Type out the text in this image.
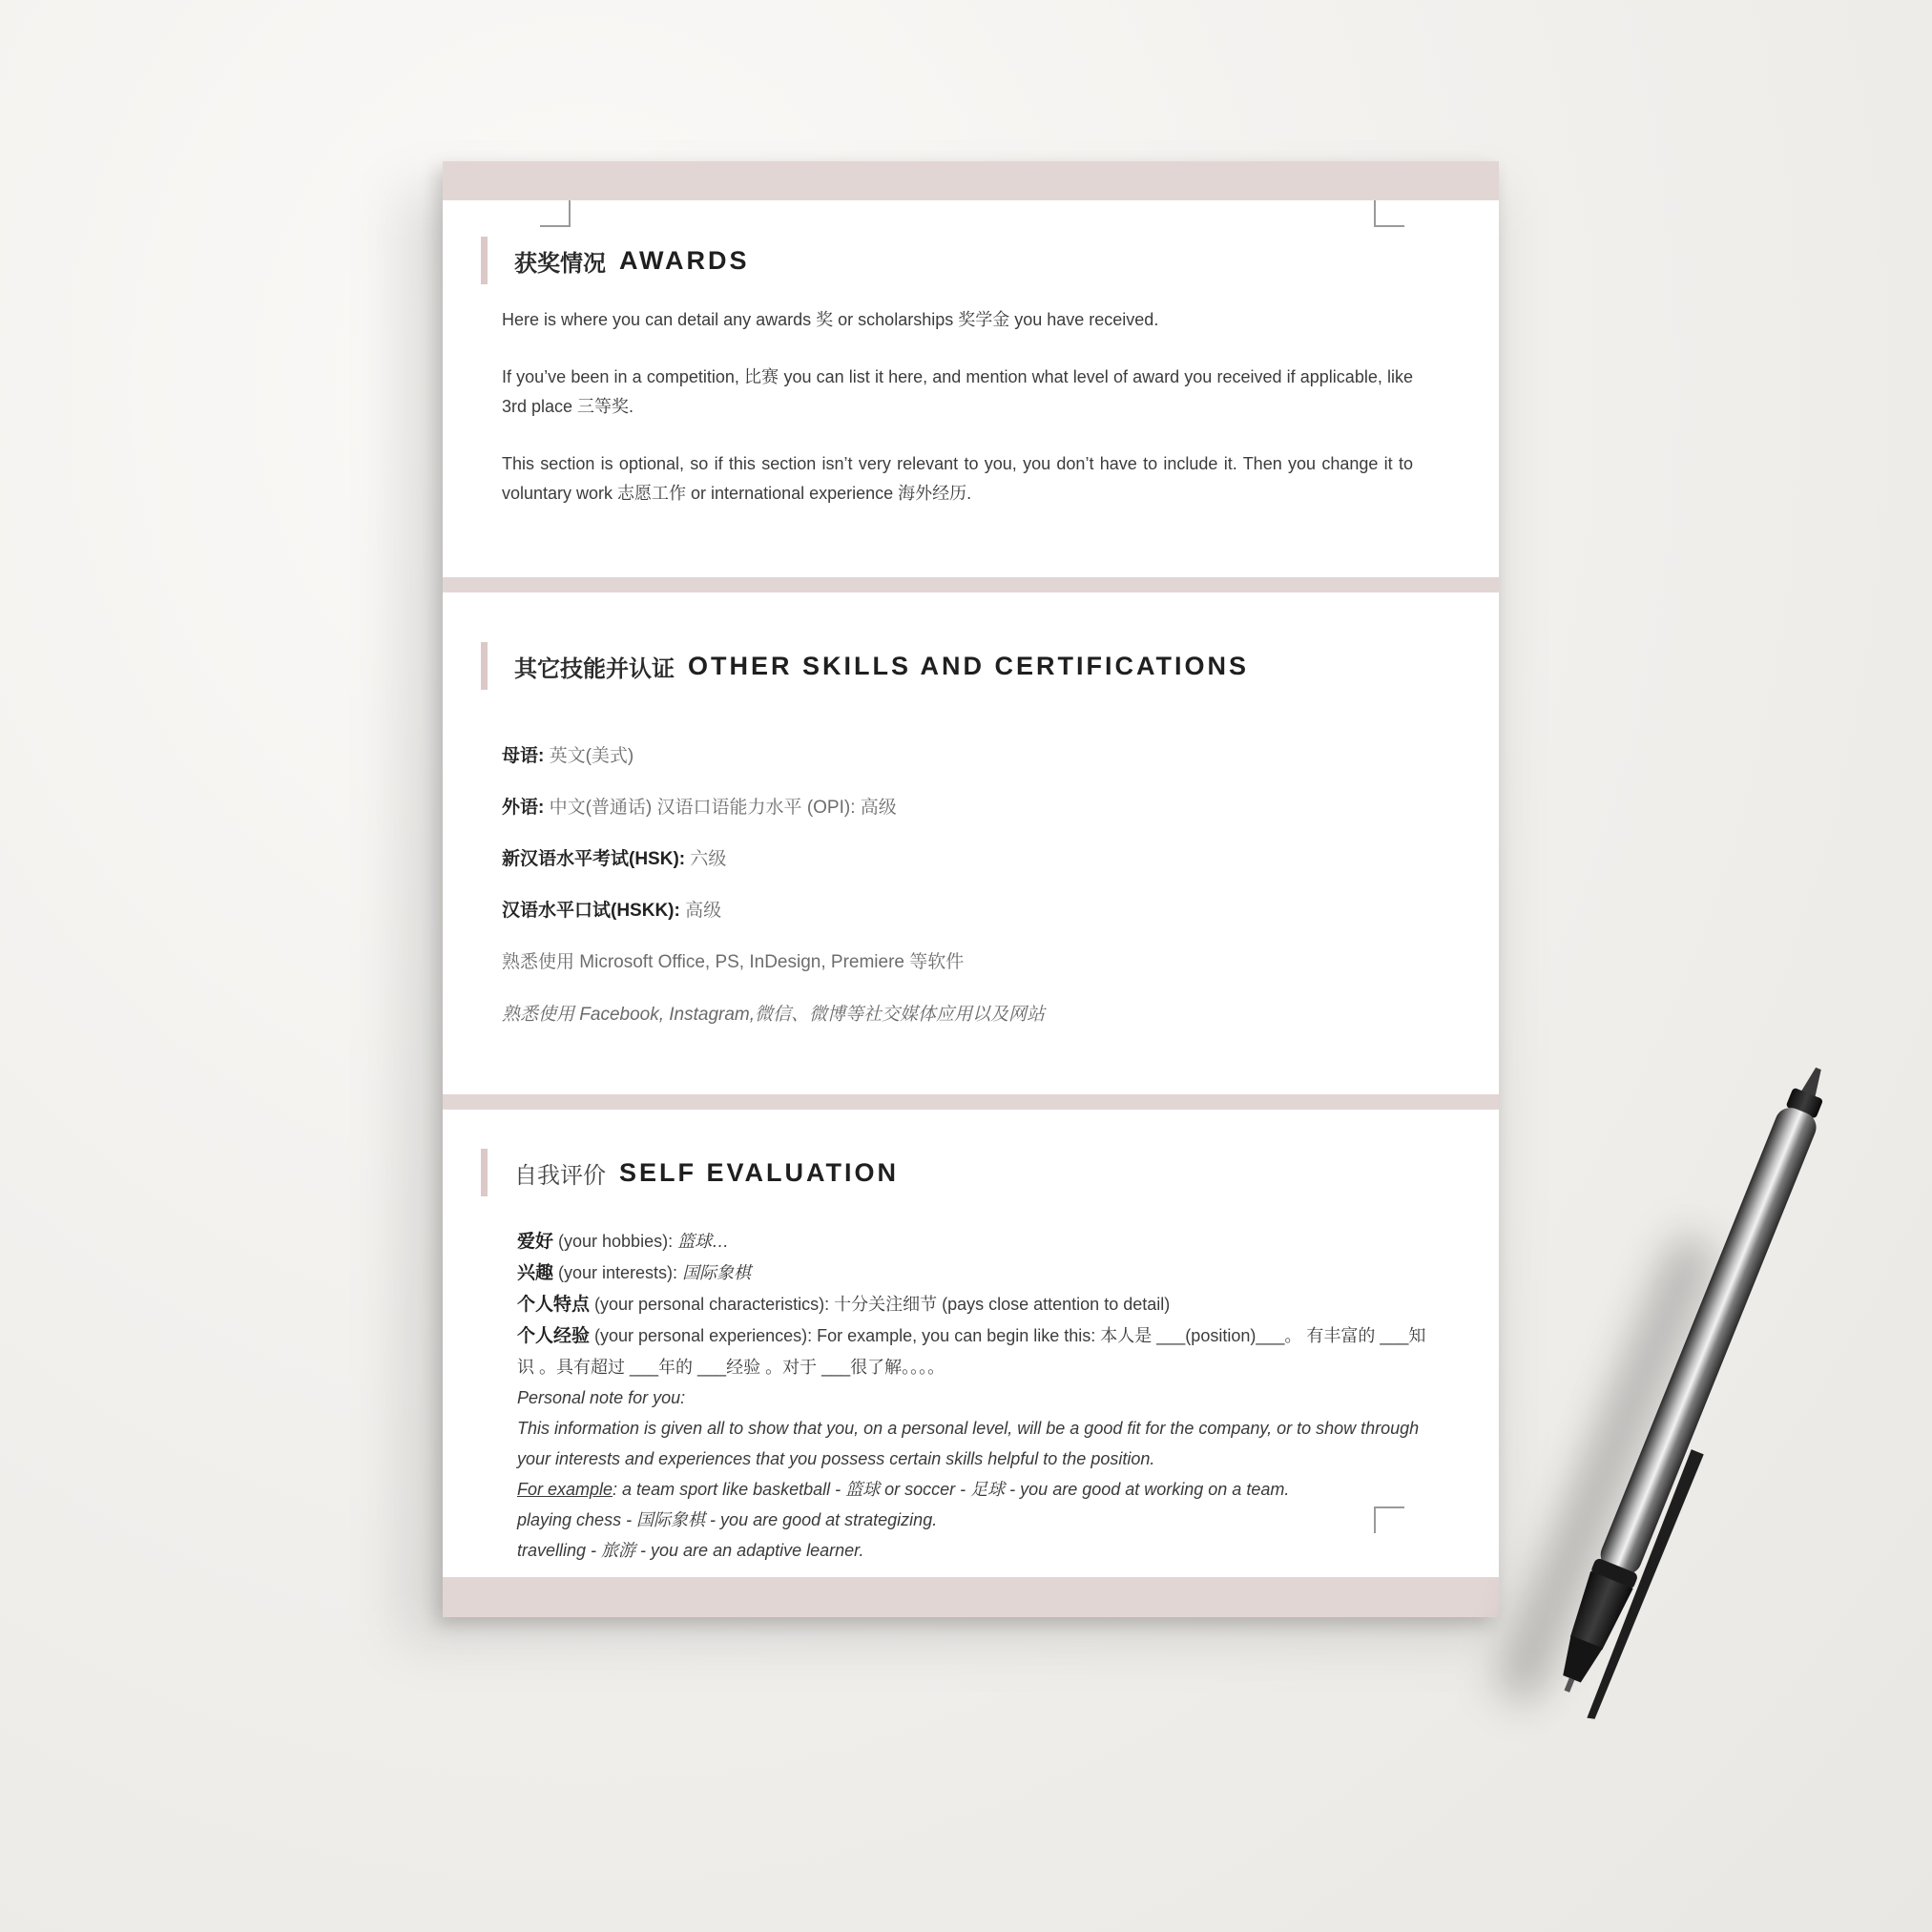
获奖情况 AWARDS

Here is where you can detail any awards 奖 or scholarships 奖学金 you have received.

If you’ve been in a competition, 比赛 you can list it here, and mention what level of award you received if applicable, like 3rd place 三等奖.

This section is optional, so if this section isn’t very relevant to you, you don’t have to include it. Then you change it to voluntary work 志愿工作 or international experience 海外经历.

其它技能并认证 OTHER SKILLS AND CERTIFICATIONS
母语: 英文(美式)
外语: 中文(普通话) 汉语口语能力水平 (OPI): 高级
新汉语水平考试(HSK): 六级
汉语水平口试(HSKK): 高级
熟悉使用 Microsoft Office, PS, InDesign, Premiere 等软件
熟悉使用 Facebook, Instagram,微信、微博等社交媒体应用以及网站
自我评价 SELF EVALUATION
爱好 (your hobbies): 篮球…
兴趣 (your interests): 国际象棋
个人特点 (your personal characteristics): 十分关注细节 (pays close attention to detail)
个人经验 (your personal experiences): For example, you can begin like this: 本人是 ___(position)___。 有丰富的 ___知识 。具有超过 ___年的 ___经验 。对于 ___很了解。。。。
Personal note for you:
This information is given all to show that you, on a personal level, will be a good fit for the company, or to show through your interests and experiences that you possess certain skills helpful to the position.
For example: a team sport like basketball - 篮球 or soccer - 足球 - you are good at working on a team.
playing chess - 国际象棋 - you are good at strategizing.
travelling - 旅游 - you are an adaptive learner.
